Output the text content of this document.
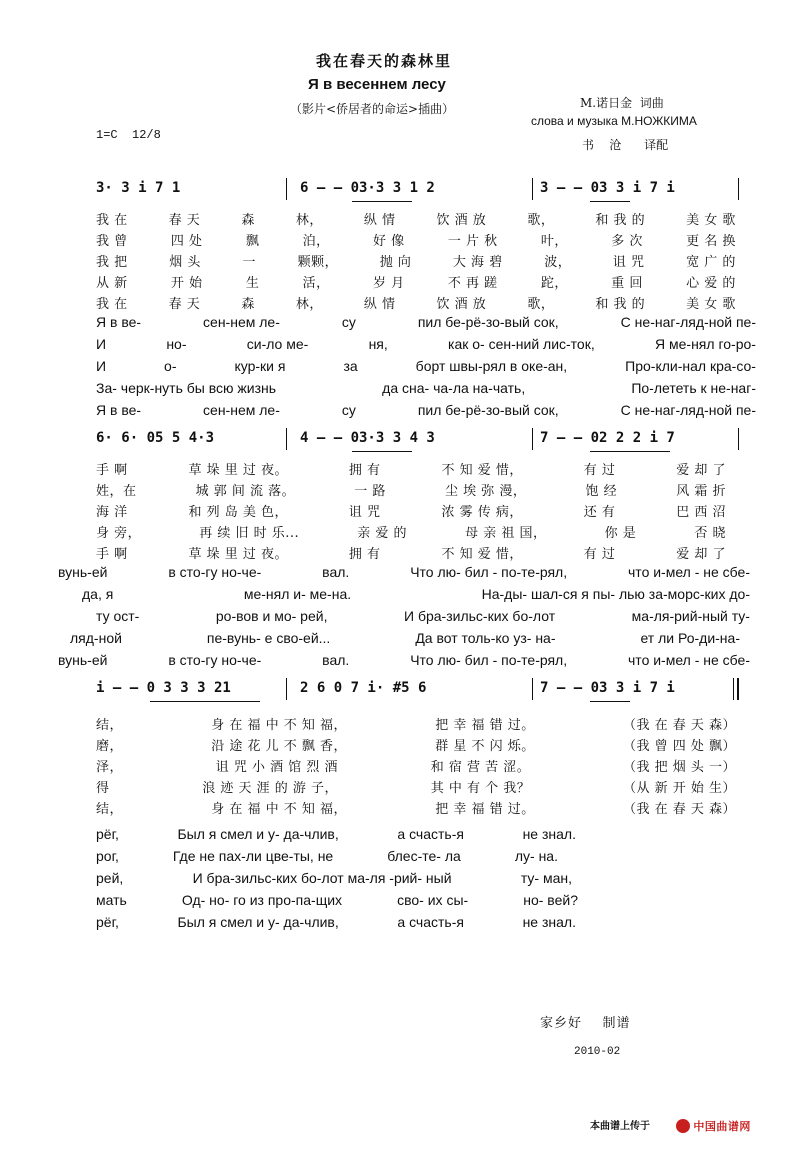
我在春天的森林里
Я в весеннем лесу
（影片<侨居者的命运>插曲）	M.诺日金  词曲
слова и музыка М.НОЖКИМА
书    沧      译配
1=C  12/8
3· 3 i 7 1	6 – – 03·3 3 1 2	3 – – 03 3 i 7 i
我 在	春 天	森	林，	纵 情	饮 酒 放	歌，	和 我 的	美 女 歌
我 曾	四 处	飘	泊，	好 像	一 片 秋	叶，	多 次	更 名 换
我 把	烟 头	一	颗颗，	抛 向	大 海 碧	波，	诅 咒	宽 广 的
从 新	开 始	生	活，	岁 月	不 再 蹉	跎，	重 回	心 爱 的
我 在	春 天	森	林，	纵 情	饮 酒 放	歌，	和 我 的	美 女 歌
Я в ве-	сен-нем ле-	су	пил бе-рё-зо-вый сок,	С не-наг-ляд-ной пе-
И	но-	си-ло ме-	ня,	как о- сен-ний лис-ток,	Я ме-нял го-ро-
И	о-	кур-ки я	за	борт швы-рял в оке-ан,	Про-кли-нал кра-со-
За- черк-нуть бы всю жизнь	да сна- ча-ла на-чать,	По-лететь к не-наг-
Я в ве-	сен-нем ле-	су	пил бе-рё-зо-вый сок,	С не-наг-ляд-ной пе-
6· 6· 05 5 4·3	4 – – 03·3 3 4 3	7 – – 02 2 2 i 7
手 啊	草 垛 里 过 夜。	拥 有	不 知 爱 惜，	有 过	爱 却 了
姓，在	城 郭 间 流 落。	一 路	尘 埃 弥 漫，	饱 经	风 霜 折
海 洋	和 列 岛 美 色，	诅 咒	浓 雾 传 病，	还 有	巴 西 沼
身 旁，	再 续 旧 时 乐...	亲 爱 的	母 亲 祖 国，	你 是	否 晓
手 啊	草 垛 里 过 夜。	拥 有	不 知 爱 惜，	有 过	爱 却 了
вунь-ей	в сто-гу но-че-	вал.	Что лю- бил - по-те-рял,	что и-мел - не сбе-
да, я	ме-нял и- ме-на.	На-ды- шал-ся я пы- лью за-морс-ких до-
ту ост-	ро-вов и мо- рей,	И бра-зильс-ких бо-лот	ма-ля-рий-ный ту-
ляд-ной	пе-вунь- е сво-ей...	Да вот толь-ко уз- на-	ет ли Ро-ди-на-
вунь-ей	в сто-гу но-че-	вал.	Что лю- бил - по-те-рял,	что и-мел - не сбе-
i – – 0 3 3 3 21	2 6 0 7 i· #5 6	7 – – 03 3 i 7 i
结，	身 在 福 中 不 知 福，	把 幸 福 错 过。	（我 在 春 天 森）
磨，	沿 途 花 儿 不 飘 香，	群 星 不 闪 烁。	（我 曾 四 处 飘）
泽，	诅 咒 小 酒 馆 烈 酒	和 宿 营 苦 涩。	（我 把 烟 头 一）
得	浪 迹 天 涯 的 游 子，	其 中 有 个 我？	（从 新 开 始 生）
结，	身 在 福 中 不 知 福，	把 幸 福 错 过。	（我 在 春 天 森）
рёг,	Был я смел и у- да-члив,	а счасть-я	не знал.
рог,	Где не пах-ли цве-ты, не	блес-те- ла	лу- на.
рей,	И бра-зильс-ких бо-лот ма-ля -рий- ный	ту- ман,
мать	Од- но- го из про-па-щих	сво- их сы-	но- вей?
рёг,	Был я смел и у- да-члив,	а счасть-я	не знал.
家乡好    制谱
2010-02
本曲谱上传于	中国曲谱网
